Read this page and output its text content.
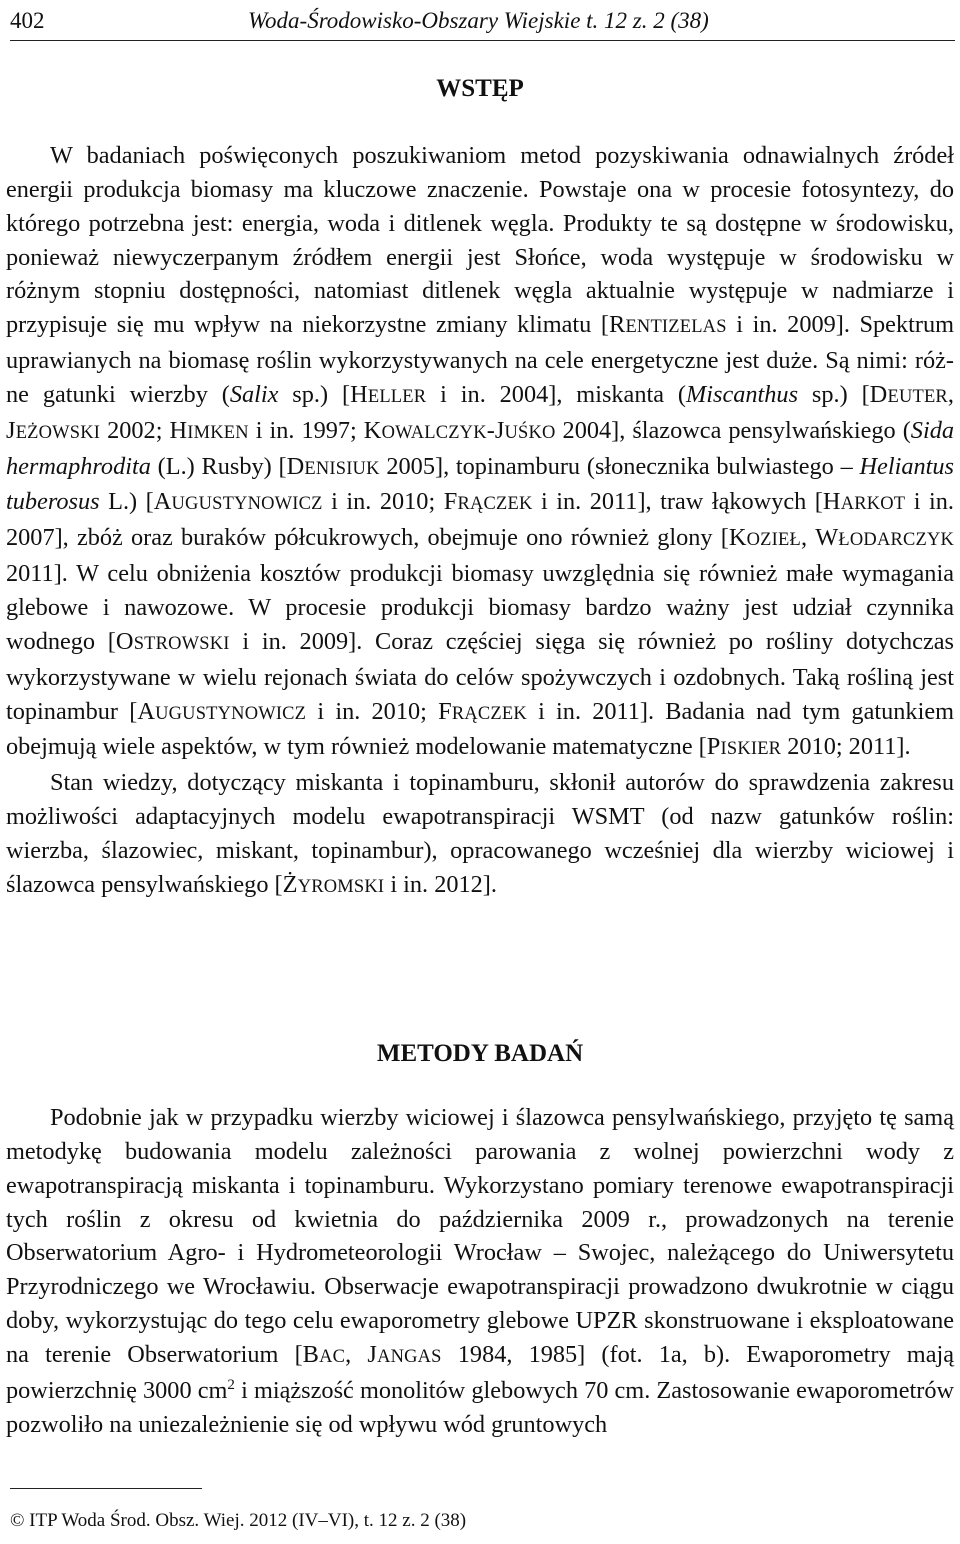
402	Woda-Środowisko-Obszary Wiejskie t. 12 z. 2 (38)
WSTĘP

W badaniach poświęconych poszukiwaniom metod pozyskiwania odnawialnych źródeł energii produkcja biomasy ma kluczowe znaczenie. Powstaje ona w procesie fotosyntezy, do którego potrzebna jest: energia, woda i ditlenek węgla. Produkty te są dostępne w środowisku, ponieważ niewyczerpanym źródłem energii jest Słońce, woda występuje w środowisku w różnym stopniu dostępności, natomiast ditlenek węgla aktualnie występuje w nadmiarze i przypisuje się mu wpływ na niekorzystne zmiany klimatu [RENTIZELAS i in. 2009]. Spektrum uprawianych na biomasę roślin wykorzystywanych na cele energetyczne jest duże. Są nimi: różne gatunki wierzby (Salix sp.) [HELLER i in. 2004], miskanta (Miscanthus sp.) [DEUTER, JEŻOWSKI 2002; HIMKEN i in. 1997; KOWALCZYK-JUŚKO 2004], ślazowca pensylwańskiego (Sida hermaphrodita (L.) Rusby) [DENISIUK 2005], topinamburu (słonecznika bulwiastego – Heliantus tuberosus L.) [AUGUSTYNOWICZ i in. 2010; FRĄCZEK i in. 2011], traw łąkowych [HARKOT i in. 2007], zbóż oraz buraków półcukrowych, obejmuje ono również glony [KOZIEŁ, WŁODARCZYK 2011]. W celu obniżenia kosztów produkcji biomasy uwzględnia się również małe wymagania glebowe i nawozowe. W procesie produkcji biomasy bardzo ważny jest udział czynnika wodnego [OSTROWSKI i in. 2009]. Coraz częściej sięga się również po rośliny dotychczas wykorzystywane w wielu rejonach świata do celów spożywczych i ozdobnych. Taką rośliną jest topinambur [AUGUSTYNOWICZ i in. 2010; FRĄCZEK i in. 2011]. Badania nad tym gatunkiem obejmują wiele aspektów, w tym również modelowanie matematyczne [PISKIER 2010; 2011].

Stan wiedzy, dotyczący miskanta i topinamburu, skłonił autorów do sprawdzenia zakresu możliwości adaptacyjnych modelu ewapotranspiracji WSMT (od nazw gatunków roślin: wierzba, ślazowiec, miskant, topinambur), opracowanego wcześniej dla wierzby wiciowej i ślazowca pensylwańskiego [ŻYROMSKI i in. 2012].

METODY BADAŃ

Podobnie jak w przypadku wierzby wiciowej i ślazowca pensylwańskiego, przyjęto tę samą metodykę budowania modelu zależności parowania z wolnej powierzchni wody z ewapotranspiracją miskanta i topinamburu. Wykorzystano pomiary terenowe ewapotranspiracji tych roślin z okresu od kwietnia do października 2009 r., prowadzonych na terenie Obserwatorium Agro- i Hydrometeorologii Wrocław – Swojec, należącego do Uniwersytetu Przyrodniczego we Wrocławiu. Obserwacje ewapotranspiracji prowadzono dwukrotnie w ciągu doby, wykorzystując do tego celu ewaporometry glebowe UPZR skonstruowane i eksploatowane na terenie Obserwatorium [BAC, JANGAS 1984, 1985] (fot. 1a, b). Ewaporometry mają powierzchnię 3000 $cm^2$ i miąższość monolitów glebowych 70 cm. Zastosowanie ewaporometrów pozwoliło na uniezależnienie się od wpływu wód gruntowych

© ITP Woda Środ. Obsz. Wiej. 2012 (IV–VI), t. 12 z. 2 (38)
